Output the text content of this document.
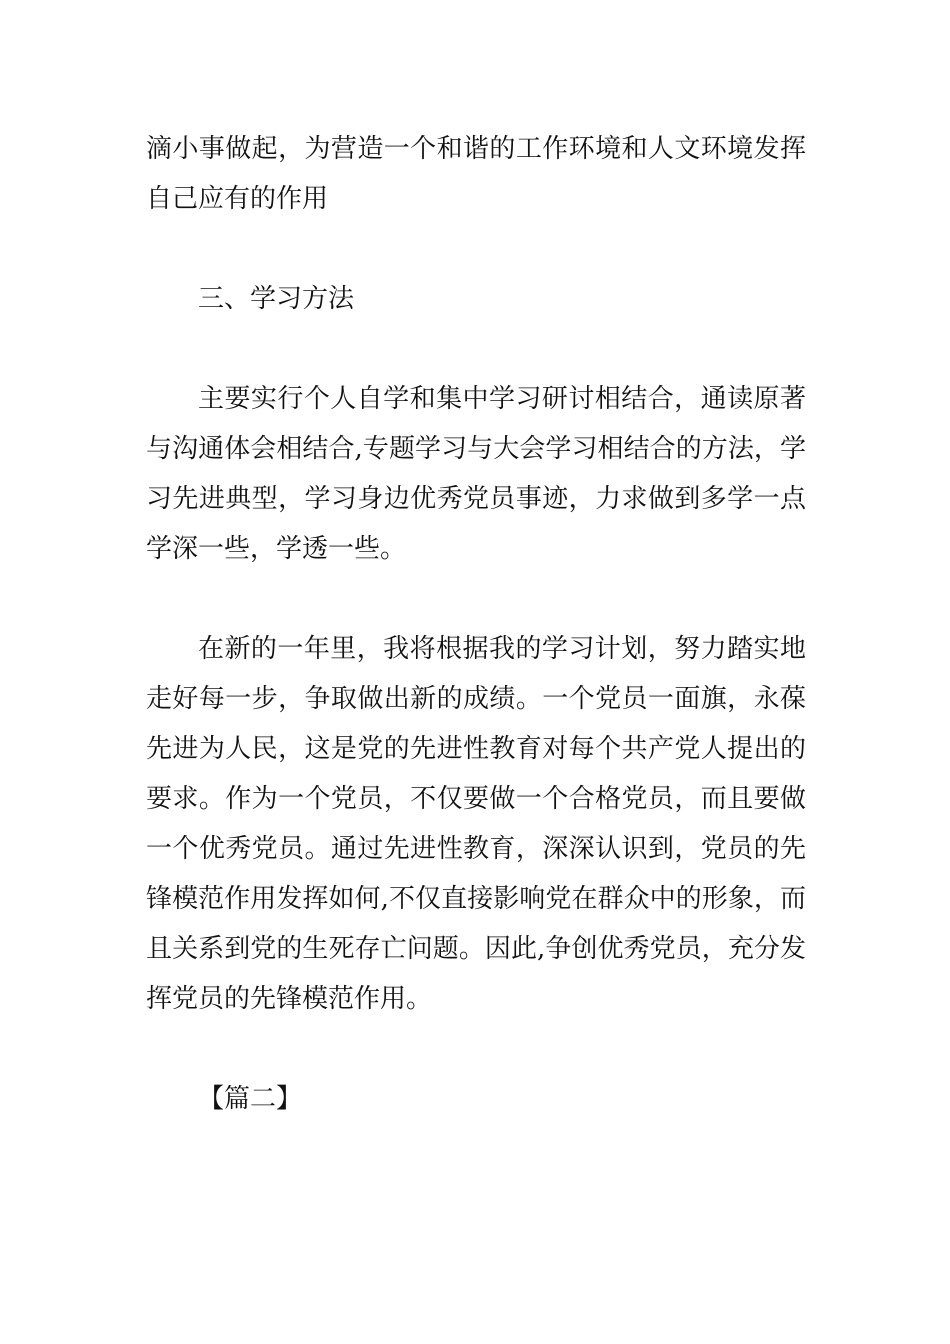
滴小事做起，为营造一个和谐的工作环境和人文环境发挥自己应有的作用

三、学习方法

主要实行个人自学和集中学习研讨相结合，通读原著与沟通体会相结合,专题学习与大会学习相结合的方法，学习先进典型，学习身边优秀党员事迹，力求做到多学一点学深一些，学透一些。

在新的一年里，我将根据我的学习计划，努力踏实地走好每一步，争取做出新的成绩。一个党员一面旗，永葆先进为人民，这是党的先进性教育对每个共产党人提出的要求。作为一个党员，不仅要做一个合格党员，而且要做一个优秀党员。通过先进性教育，深深认识到，党员的先锋模范作用发挥如何,不仅直接影响党在群众中的形象，而且关系到党的生死存亡问题。因此,争创优秀党员，充分发挥党员的先锋模范作用。

【篇二】
